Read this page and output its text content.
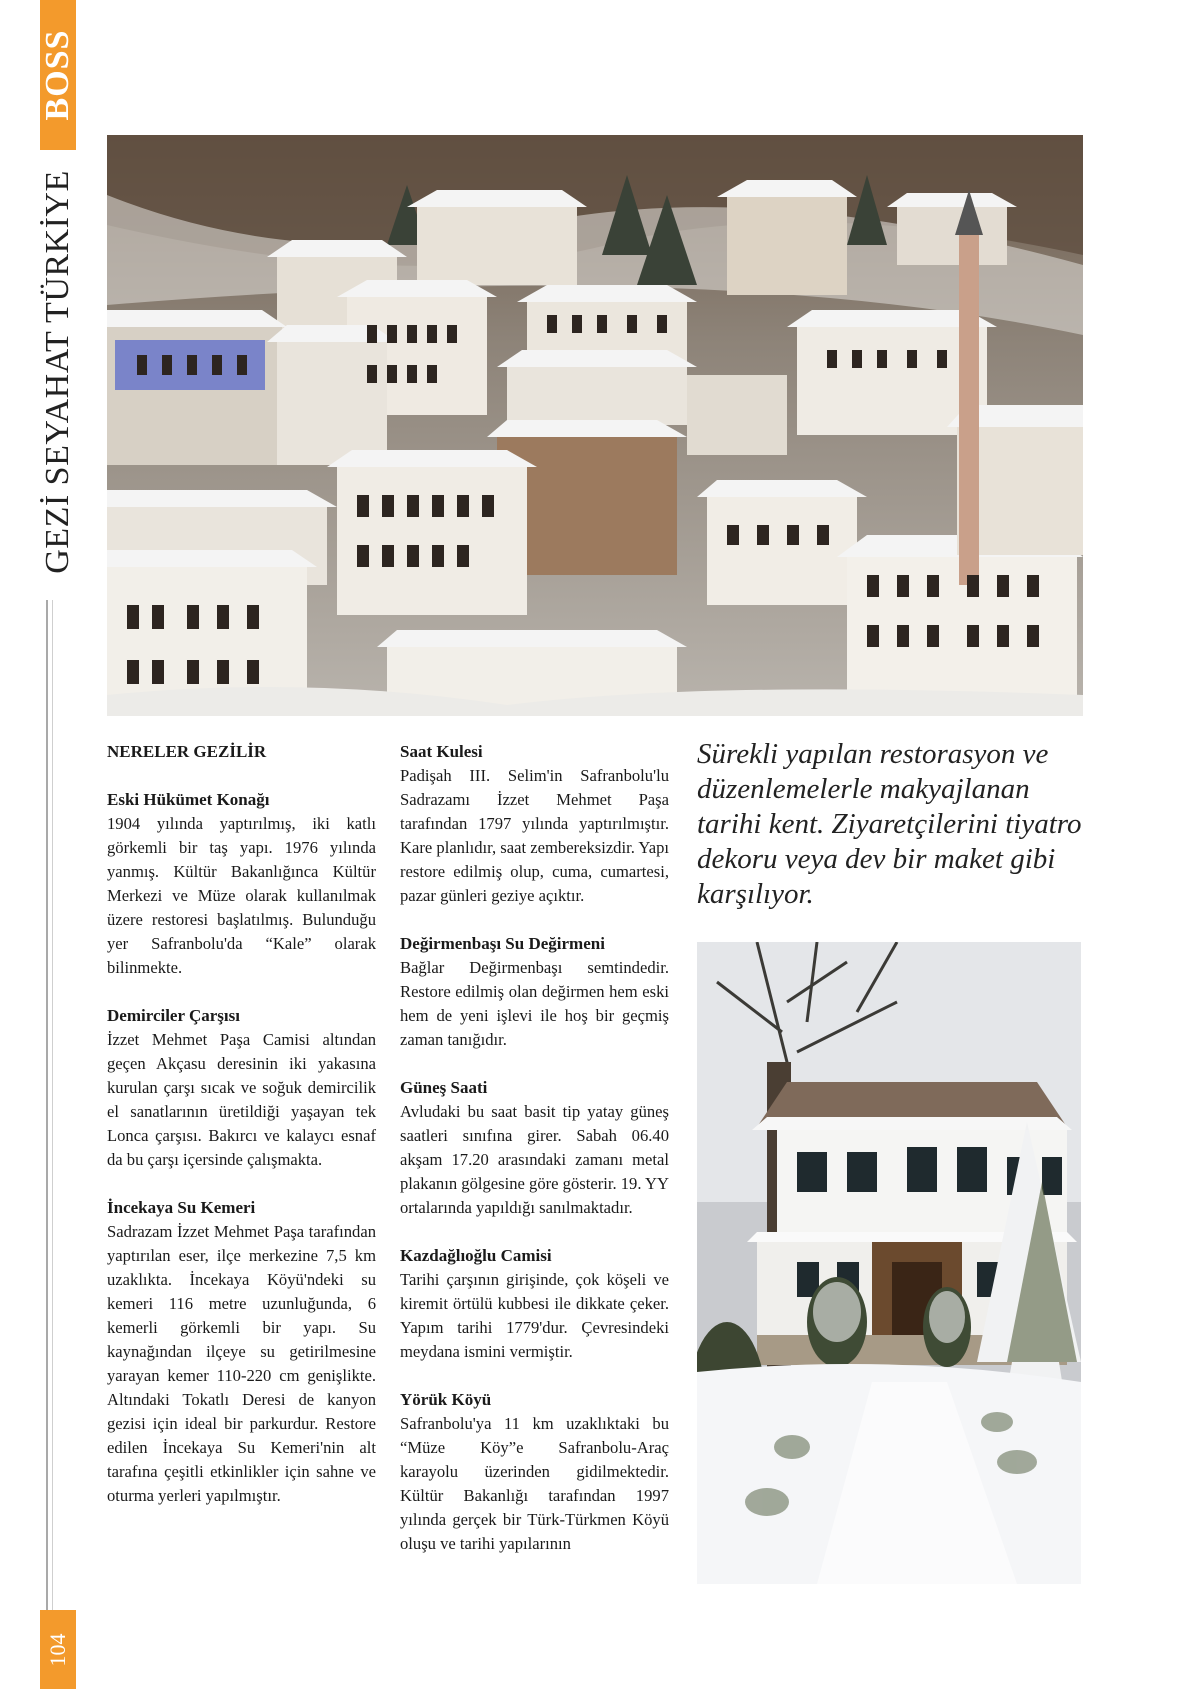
BOSS
GEZİ SEYAHAT TÜRKİYE
104
NERELER GEZİLİR
Eski Hükümet Konağı

1904 yılında yaptırılmış, iki katlı görkemli bir taş yapı. 1976 yılında yanmış. Kültür Bakanlığınca Kültür Merkezi ve Müze olarak kullanılmak üzere restoresi başlatılmış. Bulunduğu yer Safranbolu'da “Kale” olarak bilinmekte.

Demirciler Çarşısı

İzzet Mehmet Paşa Camisi altından geçen Akçasu deresinin iki yakasına kurulan çarşı sıcak ve soğuk demircilik el sanatlarının üretildiği yaşayan tek Lonca çarşısı. Bakırcı ve kalaycı esnaf da bu çarşı içersinde çalışmakta.

İncekaya Su Kemeri

Sadrazam İzzet Mehmet Paşa tarafından yaptırılan eser, ilçe merkezine 7,5 km uzaklıkta. İncekaya Köyü'ndeki su kemeri 116 metre uzunluğunda, 6 kemerli görkemli bir yapı. Su kaynağından ilçeye su getirilmesine yarayan kemer 110-220 cm genişlikte. Altındaki Tokatlı Deresi de kanyon gezisi için ideal bir parkurdur. Restore edilen İncekaya Su Kemeri'nin alt tarafına çeşitli etkinlikler için sahne ve oturma yerleri yapılmıştır.

Saat Kulesi

Padişah III. Selim'in Safranbolu'lu Sadrazamı İzzet Mehmet Paşa tarafından 1797 yılında yaptırılmıştır. Kare planlıdır, saat zembereksizdir. Yapı restore edilmiş olup, cuma, cumartesi, pazar günleri geziye açıktır.

Değirmenbaşı Su Değirmeni

Bağlar Değirmenbaşı semtindedir. Restore edilmiş olan değirmen hem eski hem de yeni işlevi ile hoş bir geçmiş zaman tanığıdır.

Güneş Saati

Avludaki bu saat basit tip yatay güneş saatleri sınıfına girer. Sabah 06.40 akşam 17.20 arasındaki zamanı metal plakanın gölgesine göre gösterir. 19. YY ortalarında yapıldığı sanılmaktadır.

Kazdağlıoğlu Camisi

Tarihi çarşının girişinde, çok köşeli ve kiremit örtülü kubbesi ile dikkate çeker. Yapım tarihi 1779'dur. Çevresindeki meydana ismini vermiştir.

Yörük Köyü

Safranbolu'ya 11 km uzaklıktaki bu “Müze Köy”e Safranbolu-Araç karayolu üzerinden gidilmektedir. Kültür Bakanlığı tarafından 1997 yılında gerçek bir Türk-Türkmen Köyü oluşu ve tarihi yapılarının

Sürekli yapılan restorasyon ve düzenlemelerle makyajlanan tarihi kent. Ziyaretçilerini tiyatro dekoru veya dev bir maket gibi karşılıyor.
